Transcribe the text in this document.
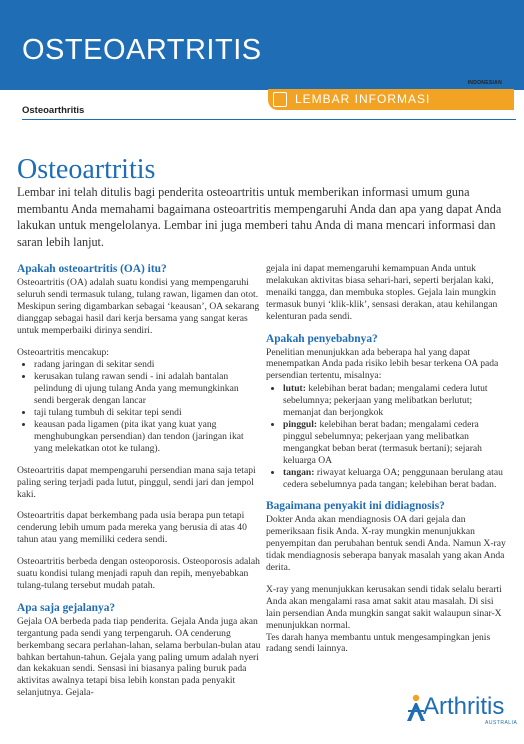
OSTEOARTRITIS
INDONESIAN
LEMBAR INFORMASI
Osteoarthritis
Osteoartritis
Lembar ini telah ditulis bagi penderita osteoartritis untuk memberikan informasi umum guna membantu Anda memahami bagaimana osteoartritis mempengaruhi Anda dan apa yang dapat Anda lakukan untuk mengelolanya. Lembar ini juga memberi tahu Anda di mana mencari informasi dan saran lebih lanjut.
Apakah osteoartritis (OA) itu?

Osteoartritis (OA) adalah suatu kondisi yang mempengaruhi seluruh sendi termasuk tulang, tulang rawan, ligamen dan otot. Meskipun sering digambarkan sebagai ‘keausan’, OA sekarang dianggap sebagai hasil dari kerja bersama yang sangat keras untuk memperbaiki dirinya sendiri.

Osteoartritis mencakup:

• radang jaringan di sekitar sendi
• kerusakan tulang rawan sendi - ini adalah bantalan pelindung di ujung tulang Anda yang memungkinkan sendi bergerak dengan lancar
• taji tulang tumbuh di sekitar tepi sendi
• keausan pada ligamen (pita ikat yang kuat yang menghubungkan persendian) dan tendon (jaringan ikat yang melekatkan otot ke tulang).

Osteoartritis dapat mempengaruhi persendian mana saja tetapi paling sering terjadi pada lutut, pinggul, sendi jari dan jempol kaki.

Osteoartritis dapat berkembang pada usia berapa pun tetapi cenderung lebih umum pada mereka yang berusia di atas 40 tahun atau yang memiliki cedera sendi.

Osteoartritis berbeda dengan osteoporosis. Osteoporosis adalah suatu kondisi tulang menjadi rapuh dan repih, menyebabkan tulang-tulang tersebut mudah patah.

Apa saja gejalanya?

Gejala OA berbeda pada tiap penderita. Gejala Anda juga akan tergantung pada sendi yang terpengaruh. OA cenderung berkembang secara perlahan-lahan, selama berbulan-bulan atau bahkan bertahun-tahun. Gejala yang paling umum adalah nyeri dan kekakuan sendi. Sensasi ini biasanya paling buruk pada aktivitas awalnya tetapi bisa lebih konstan pada penyakit selanjutnya. Gejala-

gejala ini dapat memengaruhi kemampuan Anda untuk melakukan aktivitas biasa sehari-hari, seperti berjalan kaki, menaiki tangga, dan membuka stoples. Gejala lain mungkin termasuk bunyi ‘klik-klik’, sensasi derakan, atau kehilangan kelenturan pada sendi.

Apakah penyebabnya?

Penelitian menunjukkan ada beberapa hal yang dapat menempatkan Anda pada risiko lebih besar terkena OA pada persendian tertentu, misalnya:

• lutut: kelebihan berat badan; mengalami cedera lutut sebelumnya; pekerjaan yang melibatkan berlutut; memanjat dan berjongkok
• pinggul: kelebihan berat badan; mengalami cedera pinggul sebelumnya; pekerjaan yang melibatkan mengangkat beban berat (termasuk bertani); sejarah keluarga OA
• tangan: riwayat keluarga OA; penggunaan berulang atau cedera sebelumnya pada tangan; kelebihan berat badan.
Bagaimana penyakit ini didiagnosis?

Dokter Anda akan mendiagnosis OA dari gejala dan pemeriksaan fisik Anda. X-ray mungkin menunjukkan penyempitan dan perubahan bentuk sendi Anda. Namun X-ray tidak mendiagnosis seberapa banyak masalah yang akan Anda derita.

X-ray yang menunjukkan kerusakan sendi tidak selalu berarti Anda akan mengalami rasa amat sakit atau masalah. Di sisi lain persendian Anda mungkin sangat sakit walaupun sinar-X menunjukkan normal.

Tes darah hanya membantu untuk mengesampingkan jenis radang sendi lainnya.

Arthritis
AUSTRALIA
